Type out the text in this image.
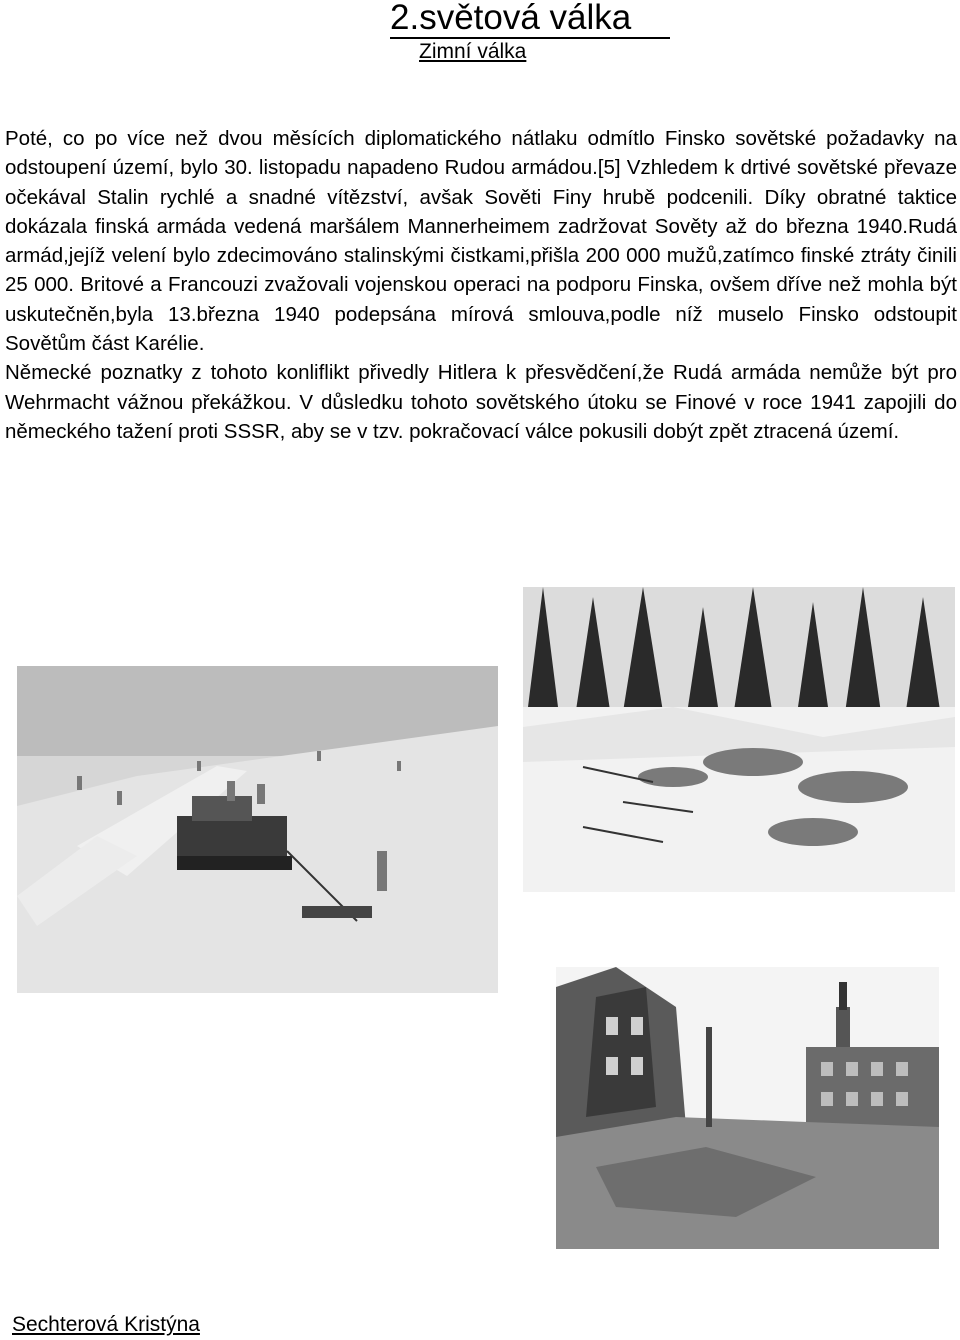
2.světová válka
Zimní válka

Poté, co po více než dvou měsících diplomatického nátlaku odmítlo Finsko sovětské požadavky na odstoupení území, bylo 30. listopadu napadeno Rudou armádou.[5] Vzhledem k drtivé sovětské převaze očekával Stalin rychlé a snadné vítězství, avšak Sověti Finy hrubě podcenili. Díky obratné taktice dokázala finská armáda vedená maršálem Mannerheimem zadržovat Sověty až do března 1940.Rudá armád,jejíž velení bylo zdecimováno stalinskými čistkami,přišla 200 000 mužů,zatímco finské ztráty činili 25 000. Britové a Francouzi zvažovali vojenskou operaci na podporu Finska, ovšem dříve než mohla být uskutečněn,byla 13.března 1940 podepsána mírová smlouva,podle níž muselo Finsko odstoupit Sovětům část Karélie.

Německé poznatky z tohoto konliflikt přivedly Hitlera k přesvědčení,že Rudá armáda nemůže být pro Wehrmacht vážnou překážkou. V důsledku tohoto sovětského útoku se Finové v roce 1941 zapojili do německého tažení proti SSSR, aby se v tzv. pokračovací válce pokusili dobýt zpět ztracená území.

Sechterová Kristýna
